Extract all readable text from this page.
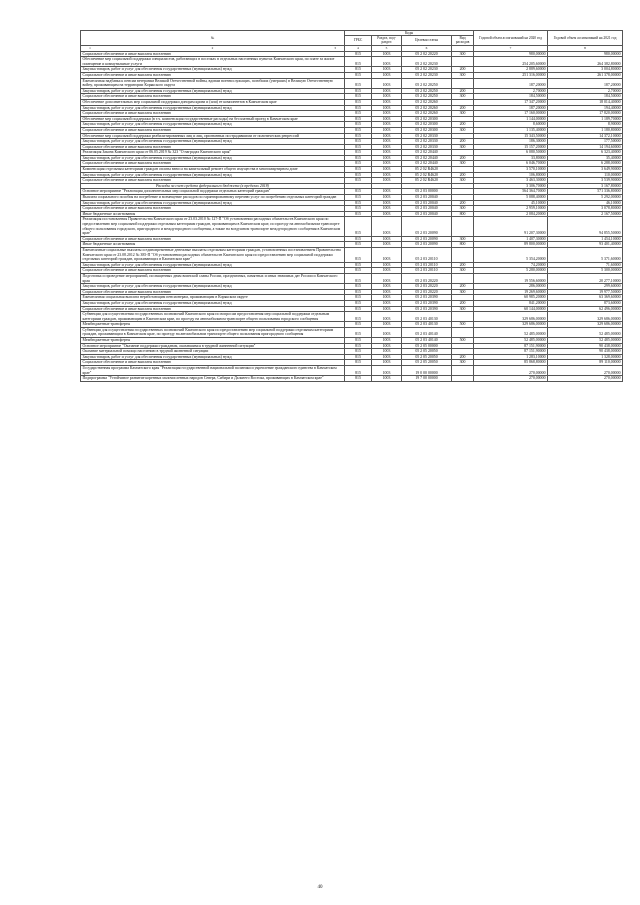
№	Коды				Годовой объем ассигнований на 2020 год	Годовой объем ассигнований на 2021 год
	ГРБС	Раздел, под-раздел	Целевая статья	Вид расходов		
1 2 3	4	5	6		7	8
Социальное обеспечение и иные выплаты населению	815	1003	05 2 02 20220	300	980,00000	980,00000
Обеспечение мер социальной поддержки специалистов, работающих в поселках в отдельных населенных пунктах Камчатского края, по плате за жилое помещение и коммунальные услуги	815	1003	05 2 02 20230		254 205,60000	264 382,80000
Закупка товаров, работ и услуг для обеспечения государственных (муниципальных) нужд	815	1003	05 2 02 20230	200	2 889,60000	3 004,80000
Социальное обеспечение и иные выплаты населению	815	1003	05 2 02 20230	300	251 316,00000	261 378,00000
Ежемесячная надбавка к пенсии ветеранам Великой Отечественной войны, вдовам военнослужащих, погибших (умерших) в Великую Отечественную войну, проживающим на территории Корякского округа	815	1003	05 2 02 20250		187,20000	187,20000
Закупка товаров, работ и услуг для обеспечения государственных (муниципальных) нужд	815	1003	05 2 02 20250	200	2,70000	2,70000
Социальное обеспечение и иные выплаты населению	815	1003	05 2 02 20250	300	184,50000	184,50000
Обеспечение дополнительных мер социальной поддержки донорам крови и (или) ее компонентов в Камчатском крае	815	1003	05 2 02 20260		17 347,20000	18 014,40000
Закупка товаров, работ и услуг для обеспечения государственных (муниципальных) нужд	815	1003	05 2 02 20260	200	187,20000	194,40000
Социальное обеспечение и иные выплаты населению	815	1003	05 2 02 20260	300	17 160,00000	17 820,00000
Обеспечение мер социальной поддержки (в т.ч. компенсация государственные расходы) на бесплатный проезд в Камчатском крае	815	1003	05 2 02 20300		1 144,00000	1 189,70000
Закупка товаров, работ и услуг для обеспечения государственных (муниципальных) нужд	815	1003	05 2 02 20300	200	8,60000	8,90000
Социальное обеспечение и иные выплаты населению	815	1003	05 2 02 20300	300	1 135,40000	1 180,80000
Обеспечение мер социальной поддержки реабилитированных лиц и лиц, признанных пострадавшими от политических репрессий	815	1003	05 2 02 20330		15 343,50000	14 372,10000
Закупка товаров, работ и услуг для обеспечения государственных (муниципальных) нужд	815	1003	05 2 02 20330	200	186,30000	177,50000
Социальное обеспечение и иные выплаты населению	815	1003	05 2 02 20330	300	15 157,20000	14 194,60000
Реализация Закона Камчатского края от 06.05.2019 № 323 "О наградах Камчатского края"	815	1003	05 2 02 20440		6 080,50000	6 323,40000
Закупка товаров, работ и услуг для обеспечения государственных (муниципальных) нужд	815	1003	05 2 02 20440	200	33,80000	35,40000
Социальное обеспечение и иные выплаты населению	815	1003	05 2 02 20440	300	6 046,70000	6 288,00000
Компенсация отдельным категориям граждан оплаты взноса на капитальный ремонт общего имущества в многоквартирном доме	815	1003	05 2 02 R4620		3 570,10000	3 649,90000
Закупка товаров, работ и услуг для обеспечения государственных (муниципальных) нужд	815	1003	05 2 02 R4620	200	106,80000	110,00000
Социальное обеспечение и иные выплаты населению	815	1003	05 2 02 R4620	300	3 463,30000	3 539,90000
Расходы за счет средств федерального бюджета (в пределах 2018)					3 306,70000	3 167,80000
Основное мероприятие "Реализация дополнительных мер социальной поддержки отдельных категорий граждан"	815	1003	05 2 03 00000		564 364,70000	571 336,80000
Выплата социального пособия на погребение и возмещение расходов по гарантированному перечню услуг по погребению отдельных категорий граждан	815	1003	05 2 03 20040		5 088,40000	5 292,00000
Закупка товаров, работ и услуг для обеспечения государственных (муниципальных) нужд	815	1003	05 2 03 20040	200	45,10000	46,10000
Социальное обеспечение и иные выплаты населению	815	1003	05 2 03 20040	300	2 959,10000	3 078,80000
Иные бюджетные ассигнования	815	1003	05 2 03 20040	800	2 084,20000	2 167,50000
Реализация постановления Правительства Камчатского края от 23.03.2010 № 127-П "Об установлении расходных обязательств Камчатского края по предоставлению мер социальной поддержки отдельным категориям граждан, проживающим в Камчатском крае, по проезду на автомобильном транспорте общего пользования городского, пригородного и междугородного сообщения, а также на воздушном транспорте междугородного сообщения в Камчатском крае"	815	1003	05 2 03 20090		91 207,30000	94 855,50000
Социальное обеспечение и иные выплаты населению	815	1003	05 2 03 20090	300	1 407,30000	1 454,10000
Иные бюджетные ассигнования	815	1003	05 2 03 20090	800	89 800,00000	93 401,40000
Ежемесячные социальные выплаты и единовременные денежные выплаты отдельным категориям граждан, установленных постановлением Правительства Камчатского края от 23.08.2012 № 385-П "Об установлении расходных обязательств Камчатского края по предоставлению мер социальной поддержки отдельных категорий граждан, проживающих в Камчатском крае"	815	1003	05 2 03 20110		5 354,20000	5 371,60000
Закупка товаров, работ и услуг для обеспечения государственных (муниципальных) нужд	815	1003	05 2 03 20110	200	74,20000	71,60000
Социальное обеспечение и иные выплаты населению	815	1003	05 2 03 20110	300	5 280,00000	5 300,00000
Подготовка и проведение мероприятий, посвященных дням воинской славы России, праздничных, памятных и иных значимых дат России и Камчатского края	815	1003	05 2 03 20220		19 556,60000	20 277,10000
Закупка товаров, работ и услуг для обеспечения государственных (муниципальных) нужд	815	1003	05 2 03 20220	200	286,00000	299,60000
Социальное обеспечение и иные выплаты населению	815	1003	05 2 03 20220	300	19 269,60000	19 977,50000
Ежемесячная социальная выплата неработающим пенсионерам, проживающим в Корякском округе	815	1003	05 2 03 20390		60 985,20000	63 369,60000
Закупка товаров, работ и услуг для обеспечения государственных (муниципальных) нужд	815	1003	05 2 03 20390	200	841,20000	873,60000
Социальное обеспечение и иные выплаты населению	815	1003	05 2 03 20390	300	60 144,00000	62 496,00000
Субвенции для осуществления государственных полномочий Камчатского края по вопросам предоставления мер социальной поддержки отдельным категориям граждан, проживающим в Камчатском крае, по проезду на автомобильном транспорте общего пользования городского сообщения	815	1003	05 2 03 40130		329 686,00000	329 686,00000
Межбюджетные трансферты	815	1003	05 2 03 40130	500	329 686,00000	329 686,00000
Субвенции для осуществления государственных полномочий Камчатского края по предоставлению мер социальной поддержки отдельным категориям граждан, проживающим в Камчатском крае, по проезду на автомобильном транспорте общего пользования пригородного сообщения	815	1003	05 2 03 40140		52 485,00000	52 485,00000
Межбюджетные трансферты	815	1003	05 2 03 40140	500	52 485,00000	52 485,00000
Основное мероприятие "Оказание поддержки гражданам, оказавшимся в трудной жизненной ситуации"	815	1003	05 2 05 00000		87 151,90000	90 438,00000
Оказание материальной помощи населению в трудной жизненной ситуации	815	1003	05 2 05 20050		87 151,90000	90 438,00000
Закупка товаров, работ и услуг для обеспечения государственных (муниципальных) нужд	815	1003	05 2 05 20050	200	1 283,10000	1 328,00000
Социальное обеспечение и иные выплаты населению	815	1003	05 2 05 20050	300	85 868,80000	89 110,00000
Государственная программа Камчатского края "Реализация государственной национальной политики и укрепление гражданского единства в Камчатском крае"	815	1003	19 0 00 00000		270,00000	270,00000
Подпрограмма "Устойчивое развитие коренных малочисленных народов Севера, Сибири и Дальнего Востока, проживающих в Камчатском крае"	815	1003	19 7 00 00000		270,00000	270,00000
40
